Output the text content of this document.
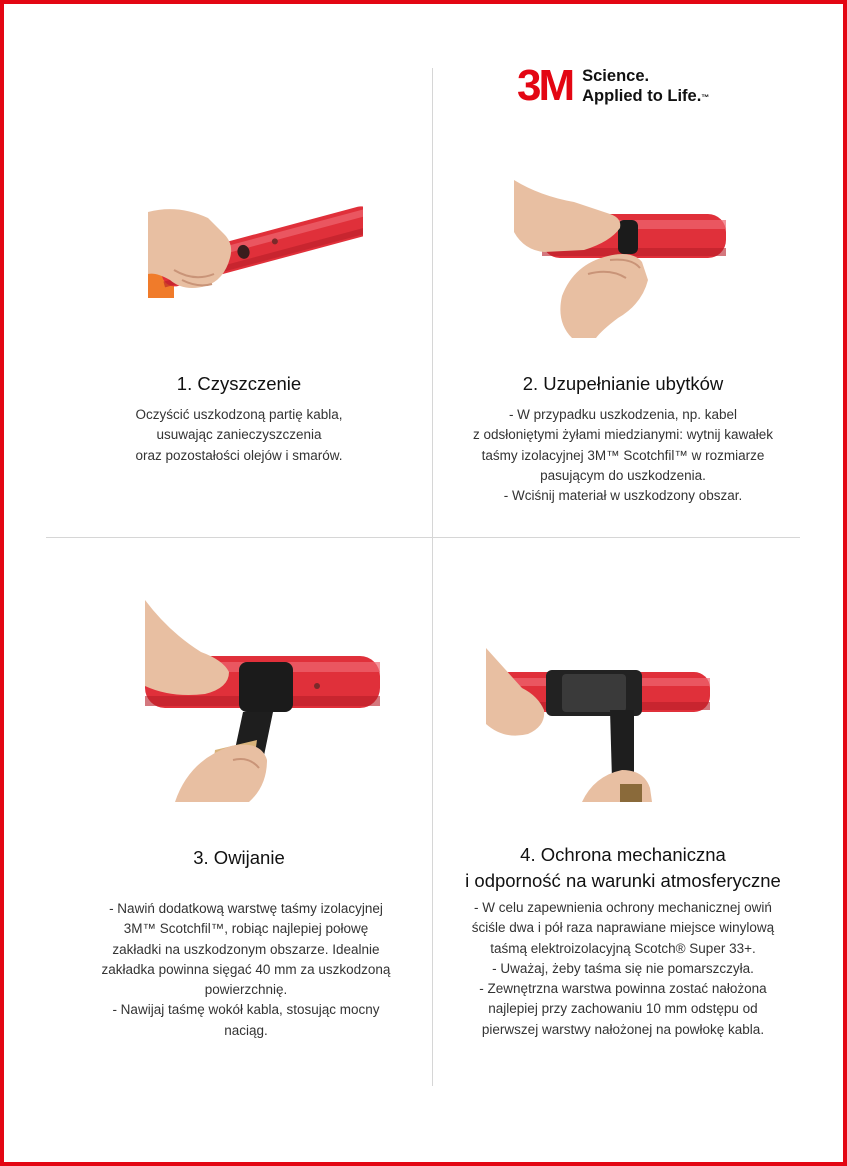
3M Science.
Applied to Life.™
1. Czyszczenie
Oczyścić uszkodzoną partię kabla,
usuwając zanieczyszczenia
oraz pozostałości olejów i smarów.
2. Uzupełnianie ubytków
- W przypadku uszkodzenia, np. kabel
z odsłoniętymi żyłami miedzianymi: wytnij kawałek
taśmy izolacyjnej 3M™ Scotchfil™ w rozmiarze
pasującym do uszkodzenia.
- Wciśnij materiał w uszkodzony obszar.
3. Owijanie
- Nawiń dodatkową warstwę taśmy izolacyjnej
3M™ Scotchfil™, robiąc najlepiej połowę
zakładki na uszkodzonym obszarze. Idealnie
zakładka powinna sięgać 40 mm za uszkodzoną
powierzchnię.
- Nawijaj taśmę wokół kabla, stosując mocny
naciąg.
4. Ochrona mechaniczna
i odporność na warunki atmosferyczne
- W celu zapewnienia ochrony mechanicznej owiń
ściśle dwa i pół raza naprawiane miejsce winylową
taśmą elektroizolacyjną Scotch® Super 33+.
- Uważaj, żeby taśma się nie pomarszczyła.
- Zewnętrzna warstwa powinna zostać nałożona
najlepiej przy zachowaniu 10 mm odstępu od
pierwszej warstwy nałożonej na powłokę kabla.
